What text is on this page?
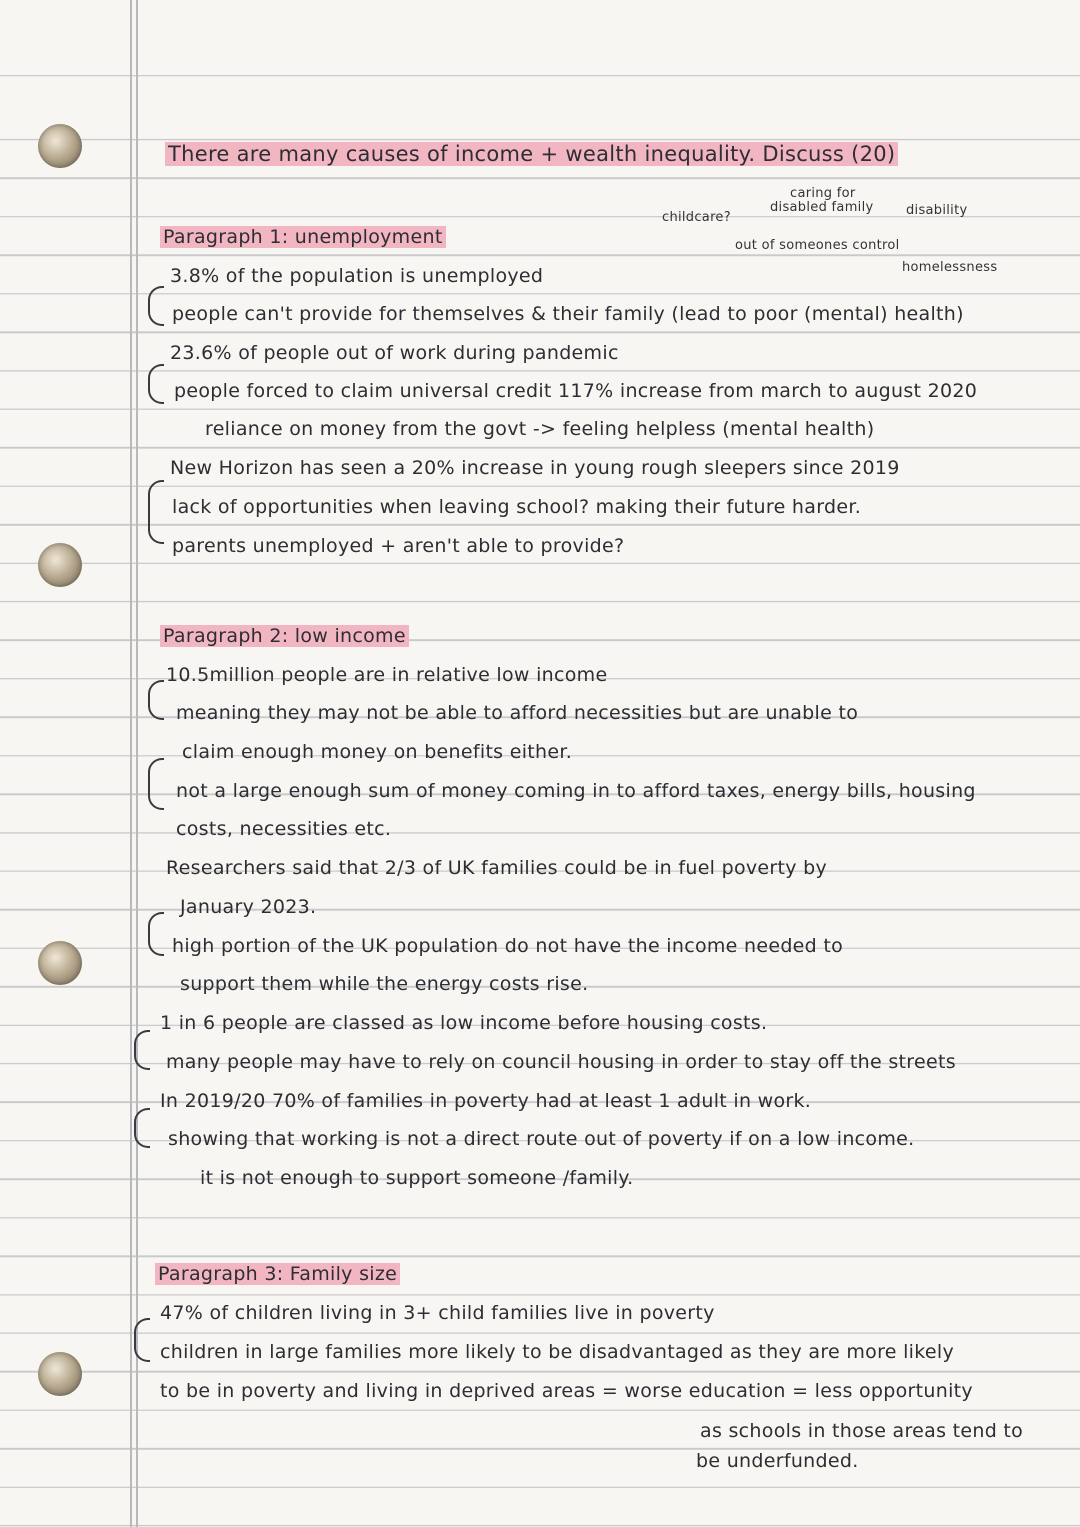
There are many causes of income + wealth inequality. Discuss (20)
childcare?
caring for
disabled family	disability
out of someones control
homelessness
Paragraph 1: unemployment
3.8% of the population is unemployed
people can't provide for themselves & their family (lead to poor (mental) health)
23.6% of people out of work during pandemic
people forced to claim universal credit 117% increase from march to august 2020
reliance on money from the govt -> feeling helpless (mental health)
New Horizon has seen a 20% increase in young rough sleepers since 2019
lack of opportunities when leaving school? making their future harder.
parents unemployed + aren't able to provide?
Paragraph 2: low income
10.5million people are in relative low income
meaning they may not be able to afford necessities but are unable to
claim enough money on benefits either.
not a large enough sum of money coming in to afford taxes, energy bills, housing
costs, necessities etc.
Researchers said that 2/3 of UK families could be in fuel poverty by
January 2023.
high portion of the UK population do not have the income needed to
support them while the energy costs rise.
1 in 6 people are classed as low income before housing costs.
many people may have to rely on council housing in order to stay off the streets
In 2019/20 70% of families in poverty had at least 1 adult in work.
showing that working is not a direct route out of poverty if on a low income.
it is not enough to support someone /family.
Paragraph 3: Family size
47% of children living in 3+ child families live in poverty
children in large families more likely to be disadvantaged as they are more likely
to be in poverty and living in deprived areas = worse education = less opportunity
as schools in those areas tend to
be underfunded.
